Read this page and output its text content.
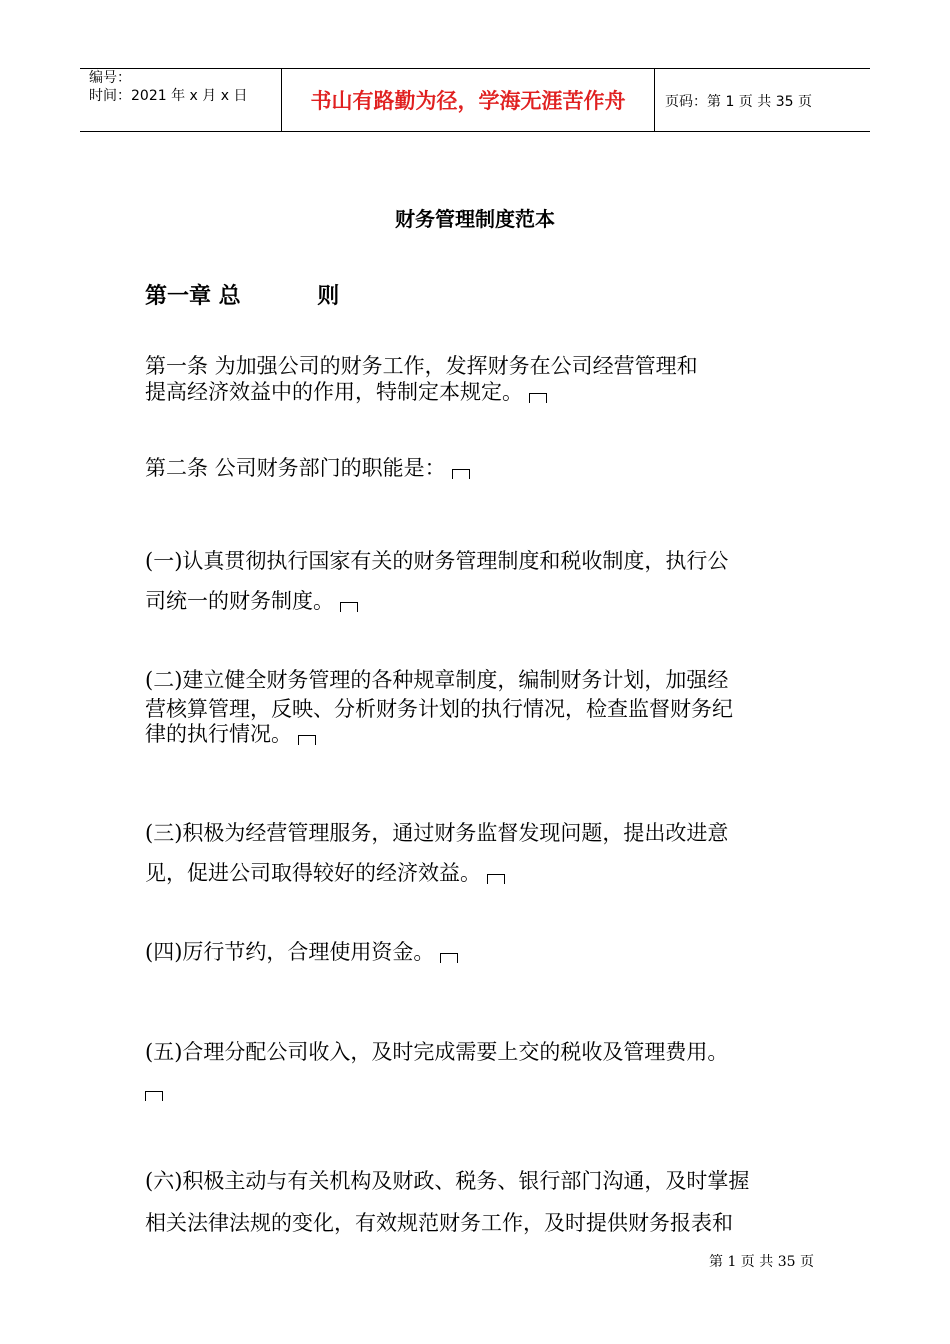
编号：
时间：2021 年 x 月 x 日	书山有路勤为径，学海无涯苦作舟	页码：第 1 页 共 35 页
财务管理制度范本
第一章 总          则
第一条 为加强公司的财务工作，发挥财务在公司经营管理和
提高经济效益中的作用，特制定本规定。
第二条 公司财务部门的职能是：
(一)认真贯彻执行国家有关的财务管理制度和税收制度，执行公
司统一的财务制度。
(二)建立健全财务管理的各种规章制度，编制财务计划，加强经
营核算管理，反映、分析财务计划的执行情况，检查监督财务纪
律的执行情况。
(三)积极为经营管理服务，通过财务监督发现问题，提出改进意
见，促进公司取得较好的经济效益。
(四)厉行节约，合理使用资金。
(五)合理分配公司收入，及时完成需要上交的税收及管理费用。
(六)积极主动与有关机构及财政、税务、银行部门沟通，及时掌握
相关法律法规的变化，有效规范财务工作，及时提供财务报表和
第 1 页 共 35 页
